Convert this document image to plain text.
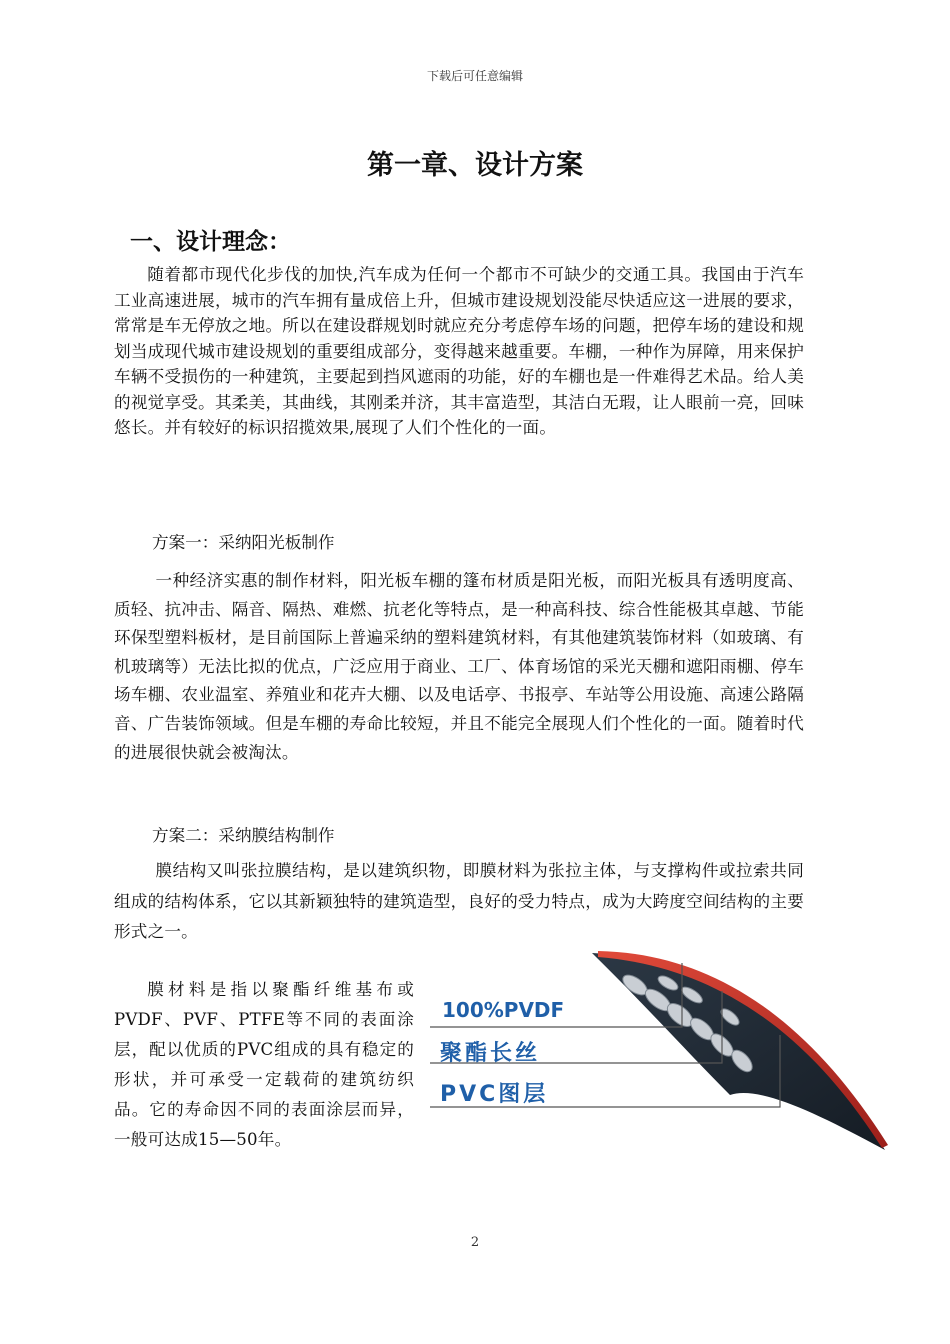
下载后可任意编辑
第一章、设计方案
一、设计理念：

随着都市现代化步伐的加快,汽车成为任何一个都市不可缺少的交通工具。我国由于汽车工业高速进展，城市的汽车拥有量成倍上升，但城市建设规划没能尽快适应这一进展的要求，常常是车无停放之地。所以在建设群规划时就应充分考虑停车场的问题，把停车场的建设和规划当成现代城市建设规划的重要组成部分，变得越来越重要。车棚，一种作为屏障，用来保护车辆不受损伤的一种建筑，主要起到挡风遮雨的功能，好的车棚也是一件难得艺术品。给人美的视觉享受。其柔美，其曲线，其刚柔并济，其丰富造型，其洁白无瑕，让人眼前一亮，回味悠长。并有较好的标识招揽效果,展现了人们个性化的一面。

方案一：采纳阳光板制作

一种经济实惠的制作材料，阳光板车棚的篷布材质是阳光板，而阳光板具有透明度高、质轻、抗冲击、隔音、隔热、难燃、抗老化等特点，是一种高科技、综合性能极其卓越、节能环保型塑料板材，是目前国际上普遍采纳的塑料建筑材料，有其他建筑装饰材料（如玻璃、有机玻璃等）无法比拟的优点，广泛应用于商业、工厂、体育场馆的采光天棚和遮阳雨棚、停车场车棚、农业温室、养殖业和花卉大棚、以及电话亭、书报亭、车站等公用设施、高速公路隔音、广告装饰领域。但是车棚的寿命比较短，并且不能完全展现人们个性化的一面。随着时代的进展很快就会被淘汰。

方案二：采纳膜结构制作

膜结构又叫张拉膜结构，是以建筑织物，即膜材料为张拉主体，与支撑构件或拉索共同组成的结构体系，它以其新颖独特的建筑造型，良好的受力特点，成为大跨度空间结构的主要形式之一。

膜材料是指以聚酯纤维基布或PVDF、PVF、PTFE等不同的表面涂层，配以优质的PVC组成的具有稳定的形状，并可承受一定载荷的建筑纺织品。它的寿命因不同的表面涂层而异，一般可达成15—50年。

100%PVDF
聚酯长丝
PVC图层
2
